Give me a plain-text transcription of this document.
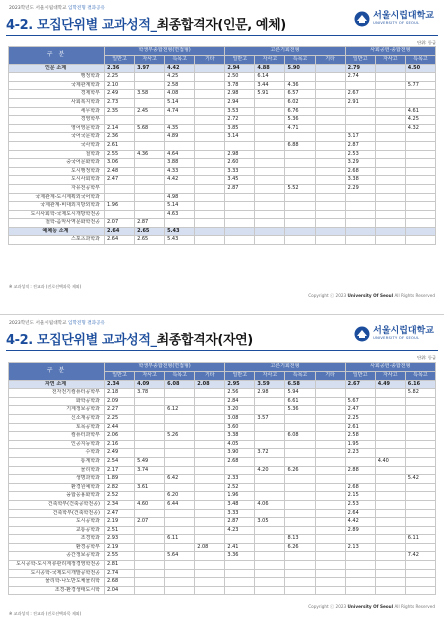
2023학년도 서울시립대학교 입학전형 결과공유
4-2. 모집단위별 교과성적_최종합격자(인문, 예체)
서울시립대학교
UNIVERSITY OF SEOUL
단위: 등급
구 분	학생부종합전형(면접형)				고른기회전형				사회공헌·종합전형		
	일반고	자사고	특목고	기타	일반고	자사고	특목고	기타	일반고	자사고	특목고
인문 소계	2.36	3.97	4.42		2.94	4.88	5.90		2.79		4.50
행정학과	2.25		4.25		2.50	6.14			2.74		
국제관계학과	2.10		2.58		3.78	3.44	4.36				5.77
경제학부	2.49	3.58	4.08		2.98	5.91	6.57		2.67		
사회복지학과	2.73		5.14		2.94		6.02		2.91		
세무학과	2.35	2.45	4.74		3.53		6.76				4.61
경영학부					2.72		5.36				4.25
영어영문학과	2.14	5.68	4.35		3.85		4.71				4.32
국어국문학과	2.36		4.89		3.14				3.17		
국사학과	2.61						6.88		2.87		
철학과	2.55	4.36	4.64		2.98				2.53		
중국어문화학과	3.06		3.88		2.60				3.29		
도시행정학과	2.48		4.33		3.33				2.68		
도시사회학과	2.47		4.42		3.45				3.38		
자유전공학부					2.87		5.52		2.29		
국제관계-도시계획외국어학과			4.98								
국제관계-비대외지방외학과	1.96		5.14								
도시사회학-국제도시개방학전공			4.63								
철학-음악사역문화학전공	2.07	2.87									
예체능 소계	2.64	2.65	5.43								
스포츠과학과	2.64	2.65	5.43								
※ 교과성적 : 전교과 (진로선택과목 제외)
Copyright ⓒ 2023 University Of Seoul All Rights Reserved
2023학년도 서울시립대학교 입학전형 결과공유
4-2. 모집단위별 교과성적_최종합격자(자연)
서울시립대학교
UNIVERSITY OF SEOUL
단위: 등급
구 분	학생부종합전형(면접형)				고른기회전형				사회공헌·종합전형		
	일반고	자사고	특목고	기타	일반고	자사고	특목고	기타	일반고	자사고	특목고
자연 소계	2.34	4.09	6.08	2.08	2.95	3.59	6.58		2.67	4.49	6.16
전자전기컴퓨터공학부	2.18	3.78			2.56	2.98	5.94				5.82
화학공학과	2.09				2.84		6.61		5.67		
기계정보공학과	2.27		6.12		3.20		5.36		2.47		
신소재공학과	2.25				3.08	3.57			2.25		
토목공학과	2.44				3.60				2.61		
컴퓨터과학부	2.06		5.26		3.38		6.08		2.58		
인공지능학과	2.16				4.05				1.95		
수학과	2.49				3.90	3.72			2.23		
통계학과	2.54	5.49			2.68					4.40	
물리학과	2.17	3.74				4.20	6.26		2.88		
생명과학과	1.89		6.42		2.33						5.42
환경원예학과	2.82	3.61			2.52				2.68		
융합응용화학과	2.52		6.20		1.96				2.15		
건축학부(건축공학전공)	2.34	4.60	6.44		3.48	4.06			2.53		
건축학부(건축학전공)	2.47				3.33				2.64		
도시공학과	2.19	2.07			2.87	3.05			4.42		
교통공학과	2.51				4.23				2.89		
조경학과	2.93		6.11				8.13				6.11
환경공학부	2.19			2.08	2.41		6.26		2.13		
공간정보공학과	2.55		5.64		3.36						7.42
도시공학-도시저류관리계정경영학전공	2.81										
도시공학-국제도시개발공학전공	2.74										
물리학-나노반도체물리학	2.68										
조경-환경생태도시학	2.04										
※ 교과성적 : 전교과 (진로선택과목 제외)
Copyright ⓒ 2023 University Of Seoul All Rights Reserved
